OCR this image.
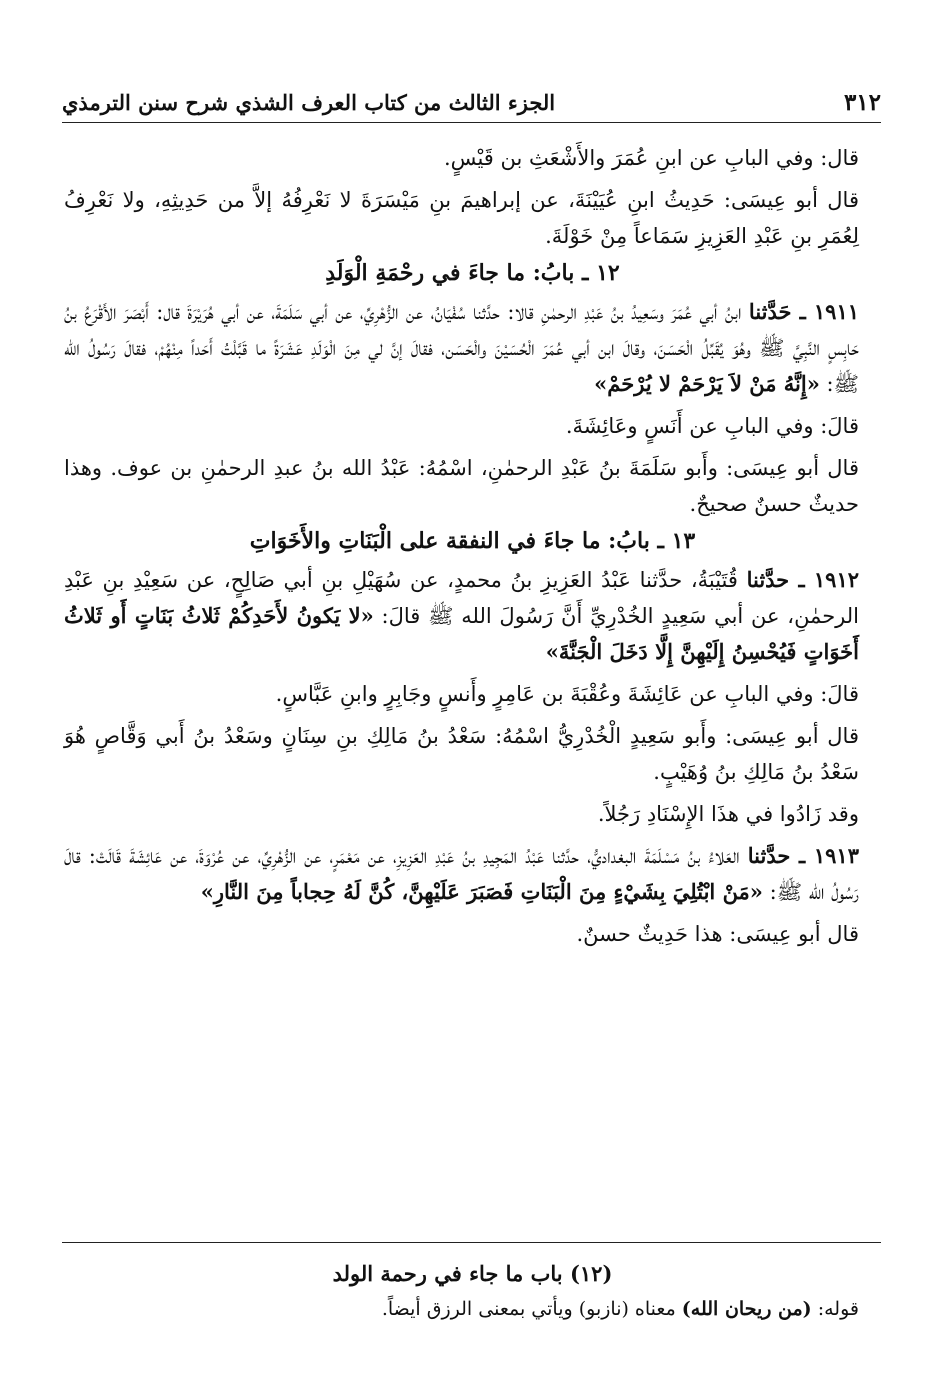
٣١٢
الجزء الثالث من كتاب العرف الشذي شرح سنن الترمذي

قال: وفي البابِ عن ابنِ عُمَرَ والأَشْعَثِ بن قَيْسٍ.

قال أبو عِيسَى: حَدِيثُ ابنِ عُيَيْنَةَ، عن إبراهيمَ بنِ مَيْسَرَةَ لا نَعْرِفُهُ إلاَّ من حَدِيثِهِ، ولا نَعْرِفُ لِعُمَرِ بنِ عَبْدِ العَزِيزِ سَمَاعاً مِنْ خَوْلَةَ.

١٢ ـ بابُ: ما جاءَ في رحْمَةِ الْوَلَدِ

١٩١١ ـ حَدَّثنا ابنُ أبي عُمَرَ وسَعِيدُ بنُ عَبْدِ الرحمٰنِ قالا: حدَّثنا سُفْيَانُ، عن الزُّهْرِيِّ، عن أبي سَلَمَةَ، عن أبي هُرَيْرَةَ قال: أَبْصَرَ الأَقْرَعُ بنُ حَابِسٍ النَّبِيَّ ﷺ وهُوَ يُقَبِّلُ الْحَسَنَ، وقالَ ابن أبي عُمَرَ الْحُسَيْنَ والْحَسَن، فقالَ إنَّ لي مِنَ الْوَلَدِ عَشَرَةً ما قَبَّلْتُ أَحَداً مِنْهُمْ، فقالَ رَسُولُ الله ﷺ: «إِنَّهُ مَنْ لاَ يَرْحَمْ لا يُرْحَمْ»

قالَ: وفي البابِ عن أَنَسٍ وعَائِشَةَ.

قال أبو عِيسَى: وأَبو سَلَمَةَ بنُ عَبْدِ الرحمٰنِ، اسْمُهُ: عَبْدُ الله بنُ عبدِ الرحمٰنِ بن عوف. وهذا حديثٌ حسنٌ صحيحٌ.

١٣ ـ بابُ: ما جاءَ في النفقة على الْبَنَاتِ والأَخَوَاتِ

١٩١٢ ـ حدَّثنا قُتَيْبَةُ، حدَّثنا عَبْدُ العَزِيزِ بنُ محمدٍ، عن سُهَيْلِ بنِ أبي صَالِحٍ، عن سَعِيْدِ بنِ عَبْدِ الرحمٰنِ، عن أبي سَعِيدٍ الخُدْرِيِّ أَنَّ رَسُولَ الله ﷺ قالَ: «لا يَكونُ لأَحَدِكُمْ ثَلاثُ بَنَاتٍ أَو ثَلاثُ أَخَوَاتٍ فَيُحْسِنُ إِلَيْهِنَّ إِلَّا دَخَلَ الْجَنَّةَ»

قالَ: وفي البابِ عن عَائِشَةَ وعُقْبَةَ بن عَامِرٍ وأَنسٍ وجَابِرٍ وابنِ عَبَّاسٍ.

قال أبو عِيسَى: وأَبو سَعِيدٍ الْخُدْرِيُّ اسْمُهُ: سَعْدُ بنُ مَالِكِ بنِ سِنَانٍ وسَعْدُ بنُ أَبي وَقَّاصٍ هُوَ سَعْدُ بنُ مَالِكِ بنُ وُهَيْبٍ.

وقد زَادُوا في هذَا الإِسْنَادِ رَجُلاً.

١٩١٣ ـ حدَّثنا العَلاءُ بنُ مَسْلَمَةَ البغداديُّ، حدَّثنا عَبْدُ المَجِيدِ بنُ عَبْدِ العَزِيزِ، عن مَعْمَرٍ، عن الزُّهْرِيِّ، عن عُرْوَةَ، عن عَائِشَةَ قَالَتْ: قالَ رَسُولُ الله ﷺ: «مَنْ ابْتُلِيَ بِشَيْءٍ مِنَ الْبَنَاتِ فَصَبَرَ عَلَيْهِنَّ، كُنَّ لَهُ حِجاباً مِنَ النَّارِ»

قال أبو عِيسَى: هذا حَدِيثٌ حسنٌ.

(١٢) باب ما جاء في رحمة الولد
قوله: (من ريحان الله) معناه (نازبو) ويأتي بمعنى الرزق أيضاً.
